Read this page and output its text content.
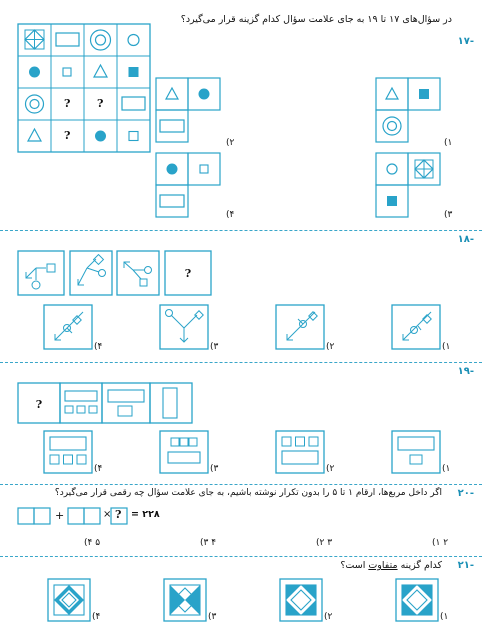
در سؤال‌های ۱۷ تا ۱۹ به جای علامت سؤال کدام گزینه قرار می‌گیرد؟
-۱۷
?
?
? ?
?
۲)	۱)
۴)	۳)
-۱۸
۴)	۳)	۲)	۱)
-۱۹
۴)	۳)	۲)	۱)
-۲۰
اگر داخل مربع‌ها، ارقام ۱ تا ۵ را بدون تکرار نوشته باشیم، به جای علامت سؤال چه رقمی قرار می‌گیرد؟
+	× ? ۲۲۸ =
۵ ۴)	۴ ۳)	۳ ۲)	۲ ۱)
-۲۱
کدام گزینه متفاوت است؟
۴)	۳)	۲)	۱)
